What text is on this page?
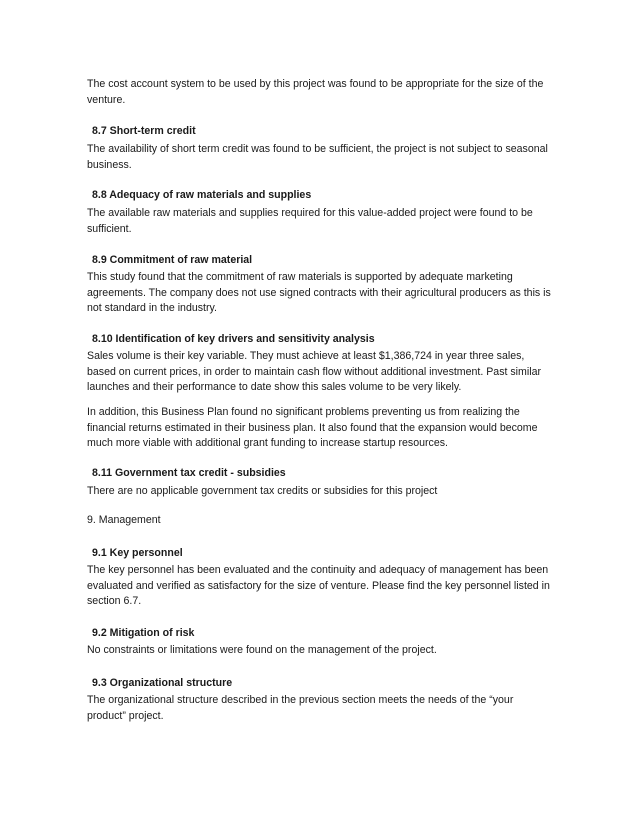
The cost account system to be used by this project was found to be appropriate for the size of the venture.

8.7 Short-term credit

The availability of short term credit was found to be sufficient, the project is not subject to seasonal business.

8.8 Adequacy of raw materials and supplies

The available raw materials and supplies required for this value-added project were found to be sufficient.

8.9 Commitment of raw material

This study found that the commitment of raw materials is supported by adequate marketing agreements. The company does not use signed contracts with their agricultural producers as this is not standard in the industry.

8.10 Identification of key drivers and sensitivity analysis

Sales volume is their key variable. They must achieve at least $1,386,724 in year three sales, based on current prices, in order to maintain cash flow without additional investment. Past similar launches and their performance to date show this sales volume to be very likely.

In addition, this Business Plan found no significant problems preventing us from realizing the financial returns estimated in their business plan. It also found that the expansion would become much more viable with additional grant funding to increase startup resources.

8.11 Government tax credit - subsidies

There are no applicable government tax credits or subsidies for this project

9. Management

9.1 Key personnel

The key personnel has been evaluated and the continuity and adequacy of management has been evaluated and verified as satisfactory for the size of venture. Please find the key personnel listed in section 6.7.

9.2 Mitigation of risk

No constraints or limitations were found on the management of the project.

9.3 Organizational structure

The organizational structure described in the previous section meets the needs of the “your product” project.
